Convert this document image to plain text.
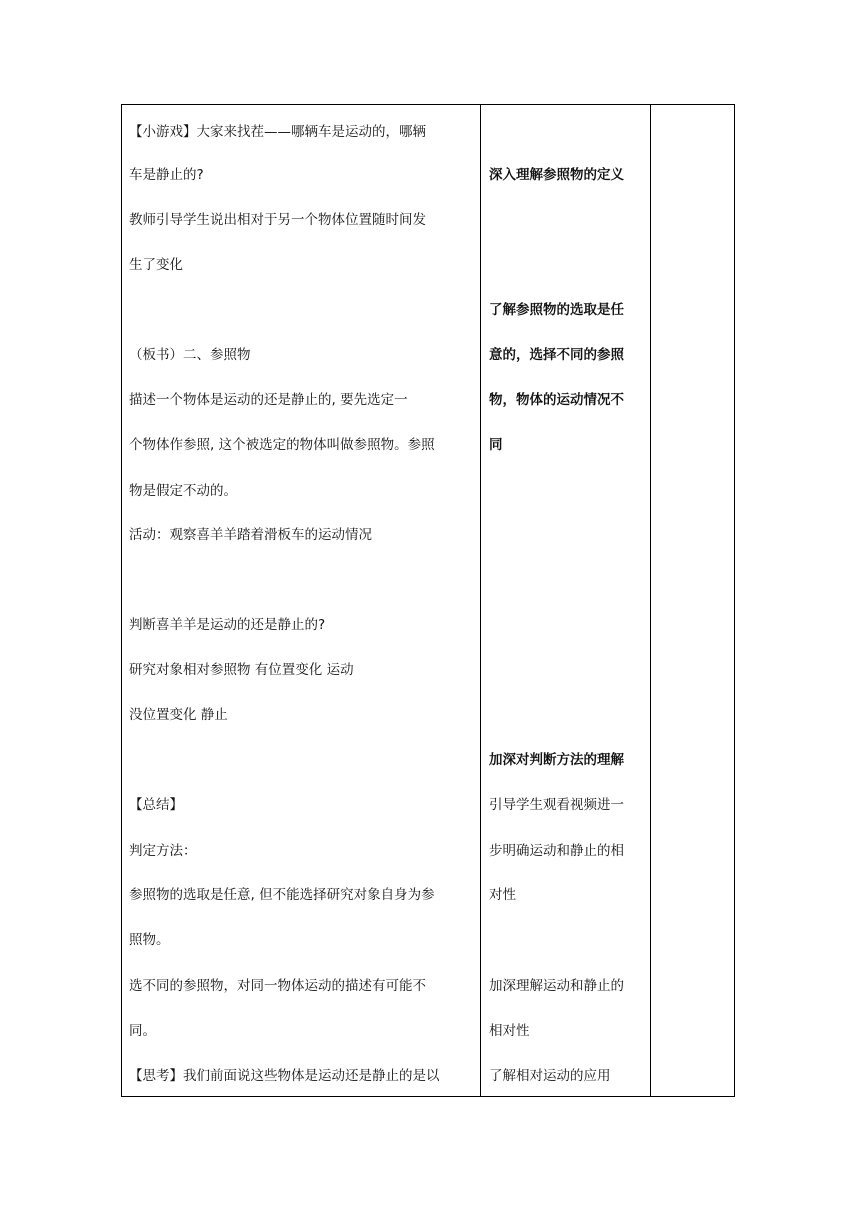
【小游戏】大家来找茬——哪辆车是运动的，哪辆
车是静止的?
教师引导学生说出相对于另一个物体位置随时间发
生了变化
（板书）二、参照物
描述一个物体是运动的还是静止的, 要先选定一
个物体作参照, 这个被选定的物体叫做参照物。参照
物是假定不动的。
活动：观察喜羊羊踏着滑板车的运动情况
判断喜羊羊是运动的还是静止的?
研究对象相对参照物 有位置变化 运动
没位置变化 静止
【总结】
判定方法：
参照物的选取是任意, 但不能选择研究对象自身为参
照物。
选不同的参照物，对同一物体运动的描述有可能不
同。
【思考】我们前面说这些物体是运动还是静止的是以
深入理解参照物的定义
了解参照物的选取是任
意的，选择不同的参照
物，物体的运动情况不
同
加深对判断方法的理解
引导学生观看视频进一
步明确运动和静止的相
对性
加深理解运动和静止的
相对性
了解相对运动的应用
